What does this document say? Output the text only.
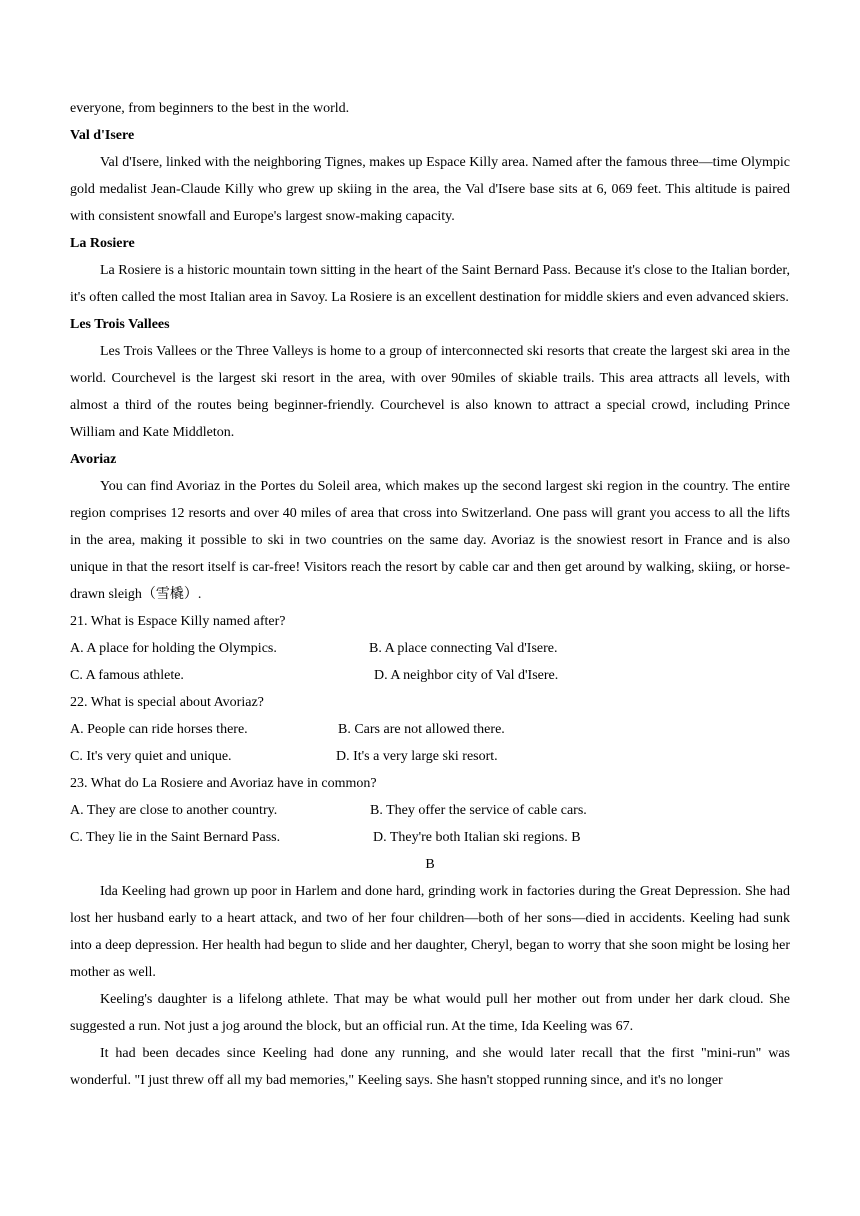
everyone, from beginners to the best in the world.

Val d'Isere

Val d'Isere, linked with the neighboring Tignes, makes up Espace Killy area. Named after the famous three—time Olympic gold medalist Jean-Claude Killy who grew up skiing in the area, the Val d'Isere base sits at 6, 069 feet. This altitude is paired with consistent snowfall and Europe's largest snow-making capacity.

La Rosiere

La Rosiere is a historic mountain town sitting in the heart of the Saint Bernard Pass. Because it's close to the Italian border, it's often called the most Italian area in Savoy. La Rosiere is an excellent destination for middle skiers and even advanced skiers.

Les Trois Vallees

Les Trois Vallees or the Three Valleys is home to a group of interconnected ski resorts that create the largest ski area in the world. Courchevel is the largest ski resort in the area, with over 90miles of skiable trails. This area attracts all levels, with almost a third of the routes being beginner-friendly. Courchevel is also known to attract a special crowd, including Prince William and Kate Middleton.

Avoriaz

You can find Avoriaz in the Portes du Soleil area, which makes up the second largest ski region in the country. The entire region comprises 12 resorts and over 40 miles of area that cross into Switzerland. One pass will grant you access to all the lifts in the area, making it possible to ski in two countries on the same day. Avoriaz is the snowiest resort in France and is also unique in that the resort itself is car-free! Visitors reach the resort by cable car and then get around by walking, skiing, or horse-drawn sleigh（雪橇）.

21. What is Espace Killy named after?

A. A place for holding the Olympics.	B. A place connecting Val d'Isere.
C. A famous athlete.	D. A neighbor city of Val d'Isere.

22. What is special about Avoriaz?

A. People can ride horses there.	B. Cars are not allowed there.
C. It's very quiet and unique.	D. It's a very large ski resort.

23. What do La Rosiere and Avoriaz have in common?

A. They are close to another country.	B. They offer the service of cable cars.
C. They lie in the Saint Bernard Pass.	D. They're both Italian ski regions. B

B

Ida Keeling had grown up poor in Harlem and done hard, grinding work in factories during the Great Depression. She had lost her husband early to a heart attack, and two of her four children—both of her sons—died in accidents. Keeling had sunk into a deep depression. Her health had begun to slide and her daughter, Cheryl, began to worry that she soon might be losing her mother as well.

Keeling's daughter is a lifelong athlete. That may be what would pull her mother out from under her dark cloud. She suggested a run. Not just a jog around the block, but an official run. At the time, Ida Keeling was 67.

It had been decades since Keeling had done any running, and she would later recall that the first "mini-run" was wonderful. "I just threw off all my bad memories," Keeling says. She hasn't stopped running since, and it's no longer
